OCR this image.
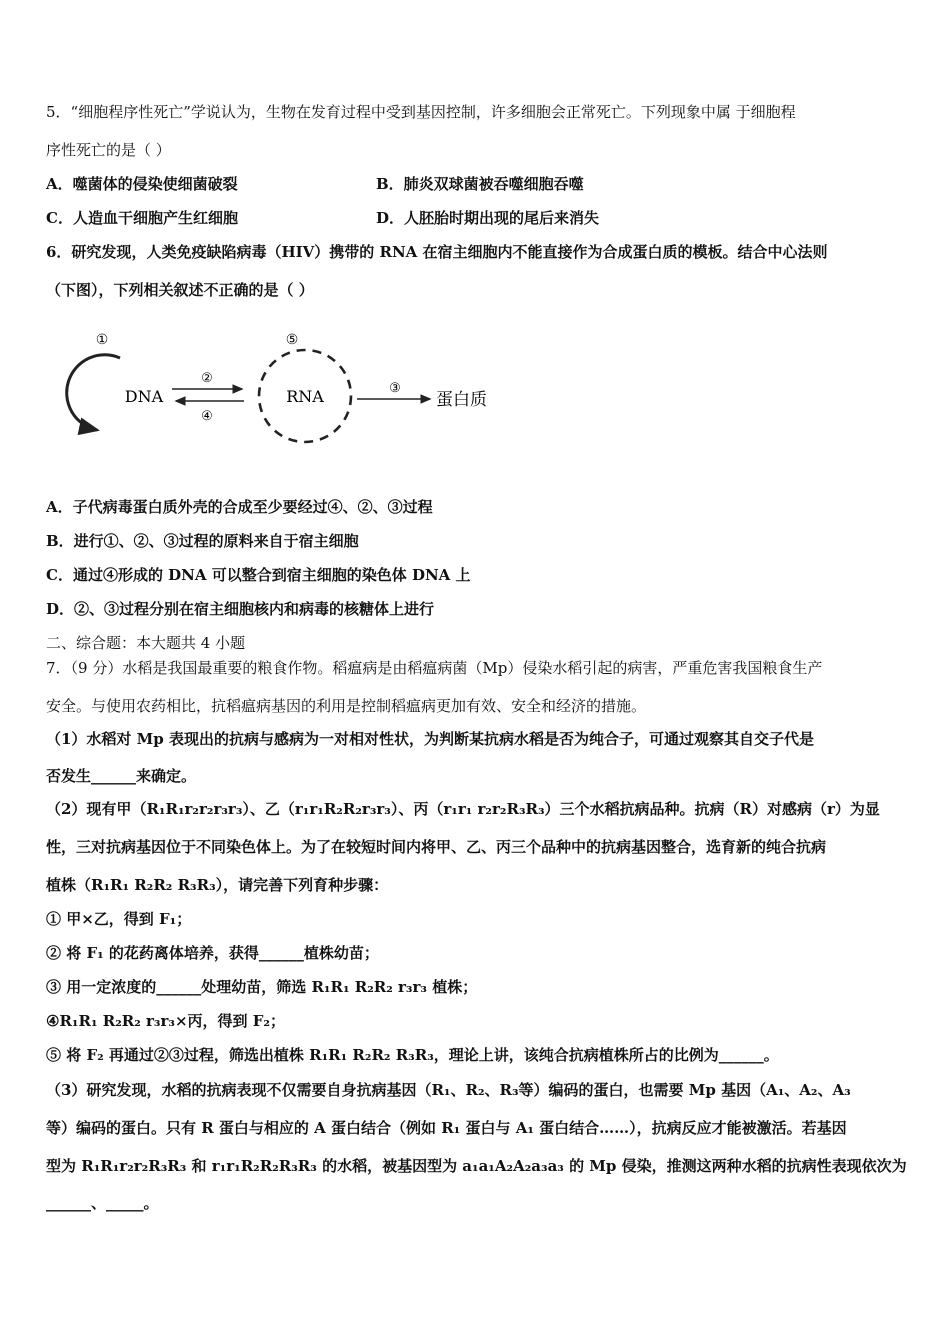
5．“细胞程序性死亡”学说认为，生物在发育过程中受到基因控制，许多细胞会正常死亡。下列现象中属 于细胞程
序性死亡的是（ ）
A．噬菌体的侵染使细菌破裂	B．肺炎双球菌被吞噬细胞吞噬
C．人造血干细胞产生红细胞	D．人胚胎时期出现的尾后来消失
6．研究发现，人类免疫缺陷病毒（HIV）携带的 RNA 在宿主细胞内不能直接作为合成蛋白质的模板。结合中心法则
（下图），下列相关叙述不正确的是（ ）
①
DNA
②
④
⑤
RNA	③
蛋白质
A．子代病毒蛋白质外壳的合成至少要经过④、②、③过程
B．进行①、②、③过程的原料来自于宿主细胞
C．通过④形成的 DNA 可以整合到宿主细胞的染色体 DNA 上
D．②、③过程分别在宿主细胞核内和病毒的核糖体上进行
二、综合题：本大题共 4 小题
7．（9 分）水稻是我国最重要的粮食作物。稻瘟病是由稻瘟病菌（Mp）侵染水稻引起的病害，严重危害我国粮食生产
安全。与使用农药相比，抗稻瘟病基因的利用是控制稻瘟病更加有效、安全和经济的措施。
（1）水稻对 Mp 表现出的抗病与感病为一对相对性状，为判断某抗病水稻是否为纯合子，可通过观察其自交子代是
否发生______来确定。
（2）现有甲（R₁R₁r₂r₂r₃r₃）、乙（r₁r₁R₂R₂r₃r₃）、丙（r₁r₁ r₂r₂R₃R₃）三个水稻抗病品种。抗病（R）对感病（r）为显
性，三对抗病基因位于不同染色体上。为了在较短时间内将甲、乙、丙三个品种中的抗病基因整合，选育新的纯合抗病
植株（R₁R₁ R₂R₂ R₃R₃），请完善下列育种步骤：
① 甲×乙，得到 F₁；
② 将 F₁ 的花药离体培养，获得______植株幼苗；
③ 用一定浓度的______处理幼苗，筛选 R₁R₁ R₂R₂ r₃r₃ 植株；
④R₁R₁ R₂R₂ r₃r₃×丙，得到 F₂；
⑤ 将 F₂ 再通过②③过程，筛选出植株 R₁R₁ R₂R₂ R₃R₃，理论上讲，该纯合抗病植株所占的比例为______。
（3）研究发现，水稻的抗病表现不仅需要自身抗病基因（R₁、R₂、R₃等）编码的蛋白，也需要 Mp 基因（A₁、A₂、A₃
等）编码的蛋白。只有 R 蛋白与相应的 A 蛋白结合（例如 R₁ 蛋白与 A₁ 蛋白结合……），抗病反应才能被激活。若基因
型为 R₁R₁r₂r₂R₃R₃ 和 r₁r₁R₂R₂R₃R₃ 的水稻，被基因型为 a₁a₁A₂A₂a₃a₃ 的 Mp 侵染，推测这两种水稻的抗病性表现依次为
______、_____。
